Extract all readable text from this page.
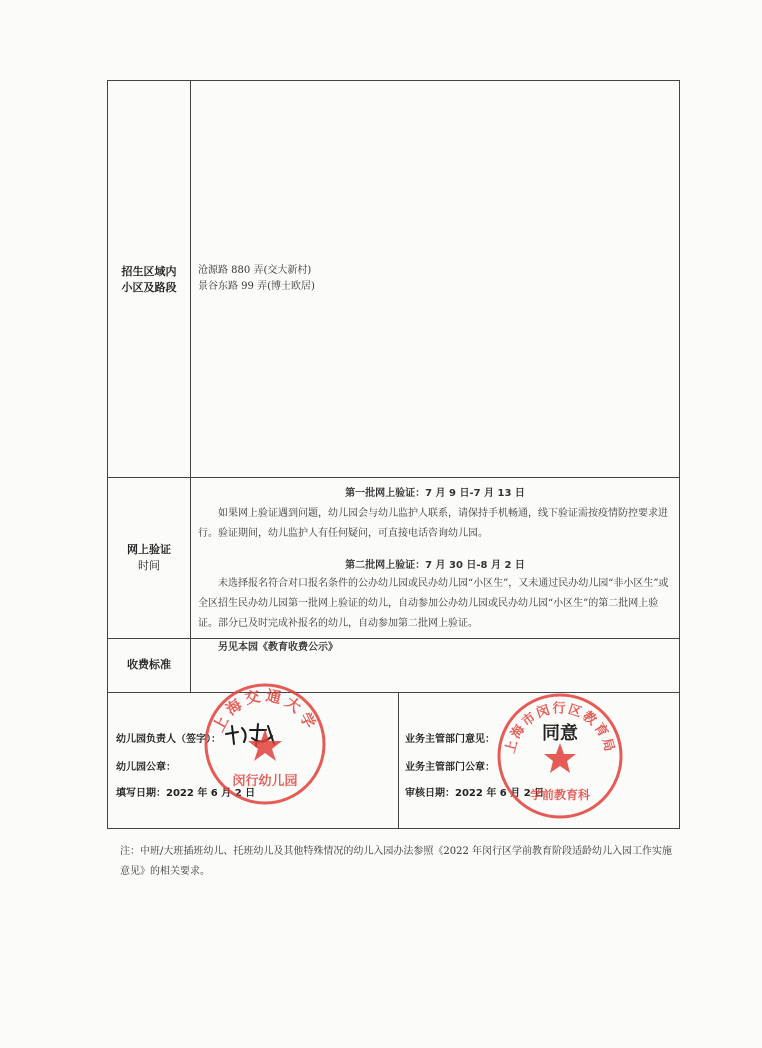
招生区域内
小区及路段
沧源路 880 弄(交大新村)
景谷东路 99 弄(博士欧居)
网上验证
时间
第一批网上验证：7 月 9 日-7 月 13 日
如果网上验证遇到问题，幼儿园会与幼儿监护人联系，请保持手机畅通，线下验证需按疫情防控要求进行。验证期间，幼儿监护人有任何疑问，可直接电话咨询幼儿园。
第二批网上验证：7 月 30 日-8 月 2 日
未选择报名符合对口报名条件的公办幼儿园或民办幼儿园“小区生”，又未通过民办幼儿园“非小区生”或全区招生民办幼儿园第一批网上验证的幼儿，自动参加公办幼儿园或民办幼儿园“小区生”的第二批网上验证。部分已及时完成补报名的幼儿，自动参加第二批网上验证。
收费标准
另见本园《教育收费公示》
幼儿园负责人（签字）：
幼儿园公章：
填写日期：2022 年 6 月 2 日
业务主管部门意见：
业务主管部门公章：
审核日期：2022 年 6 月 2 日
上海交通大学
闵行幼儿园
上海市闵行区教育局
同意
学前教育科
注：中班/大班插班幼儿、托班幼儿及其他特殊情况的幼儿入园办法参照《2022 年闵行区学前教育阶段适龄幼儿入园工作实施意见》的相关要求。
